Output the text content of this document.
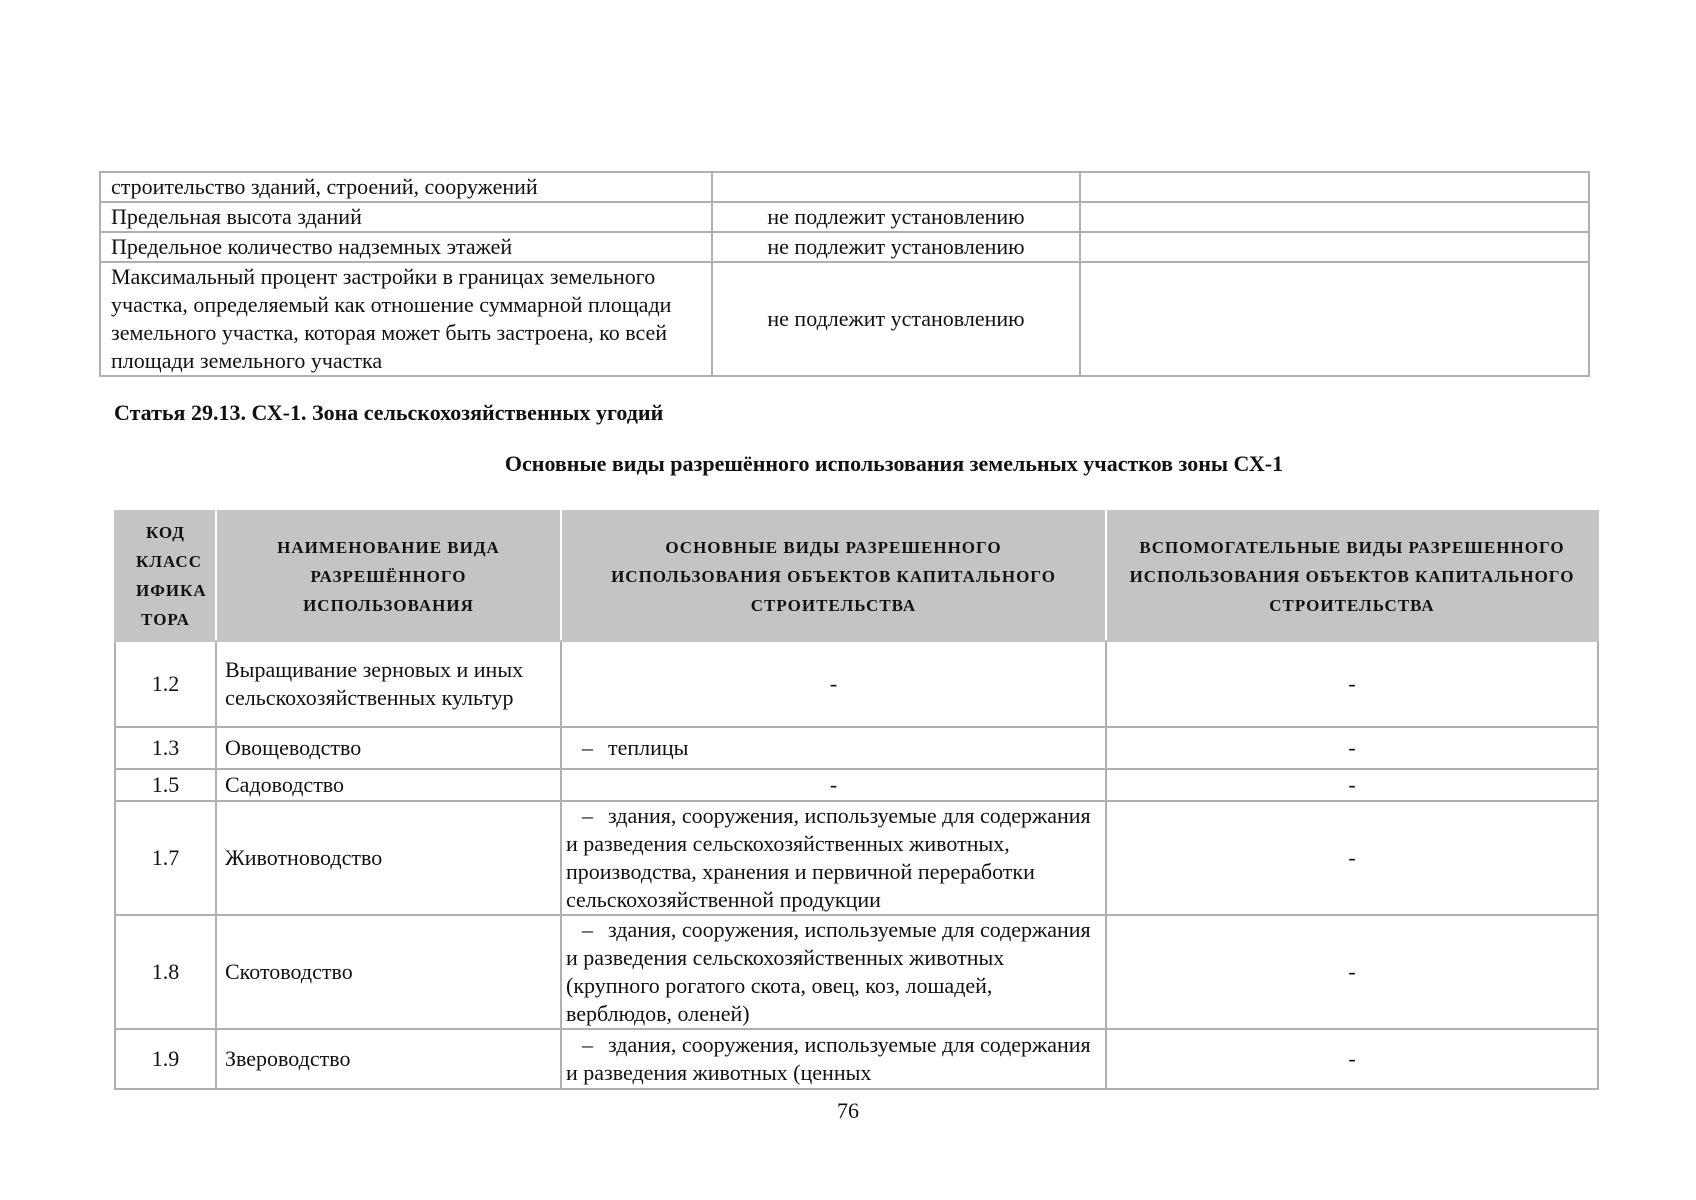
строительство зданий, строений, сооружений		
Предельная высота зданий	не подлежит установлению	
Предельное количество надземных этажей	не подлежит установлению	
Максимальный процент застройки в границах земельного участка, определяемый как отношение суммарной площади земельного участка, которая может быть застроена, ко всей площади земельного участка	не подлежит установлению	

Статья 29.13. СХ-1. Зона сельскохозяйственных угодий

Основные виды разрешённого использования земельных участков зоны СХ-1

КОД КЛАСС ИФИКА ТОРА	НАИМЕНОВАНИЕ ВИДА РАЗРЕШЁННОГО ИСПОЛЬЗОВАНИЯ	ОСНОВНЫЕ ВИДЫ РАЗРЕШЕННОГО ИСПОЛЬЗОВАНИЯ ОБЪЕКТОВ КАПИТАЛЬНОГО СТРОИТЕЛЬСТВА	ВСПОМОГАТЕЛЬНЫЕ ВИДЫ РАЗРЕШЕННОГО ИСПОЛЬЗОВАНИЯ ОБЪЕКТОВ КАПИТАЛЬНОГО СТРОИТЕЛЬСТВА
1.2	Выращивание зерновых и иных сельскохозяйственных культур	-	-
1.3	Овощеводство	– теплицы	-
1.5	Садоводство	-	-
1.7	Животноводство	– здания, сооружения, используемые для содержания и разведения сельскохозяйственных животных, производства, хранения и первичной переработки сельскохозяйственной продукции	-
1.8	Скотоводство	– здания, сооружения, используемые для содержания и разведения сельскохозяйственных животных (крупного рогатого скота, овец, коз, лошадей, верблюдов, оленей)	-
1.9	Звероводство	– здания, сооружения, используемые для содержания и разведения животных (ценных	-

76
